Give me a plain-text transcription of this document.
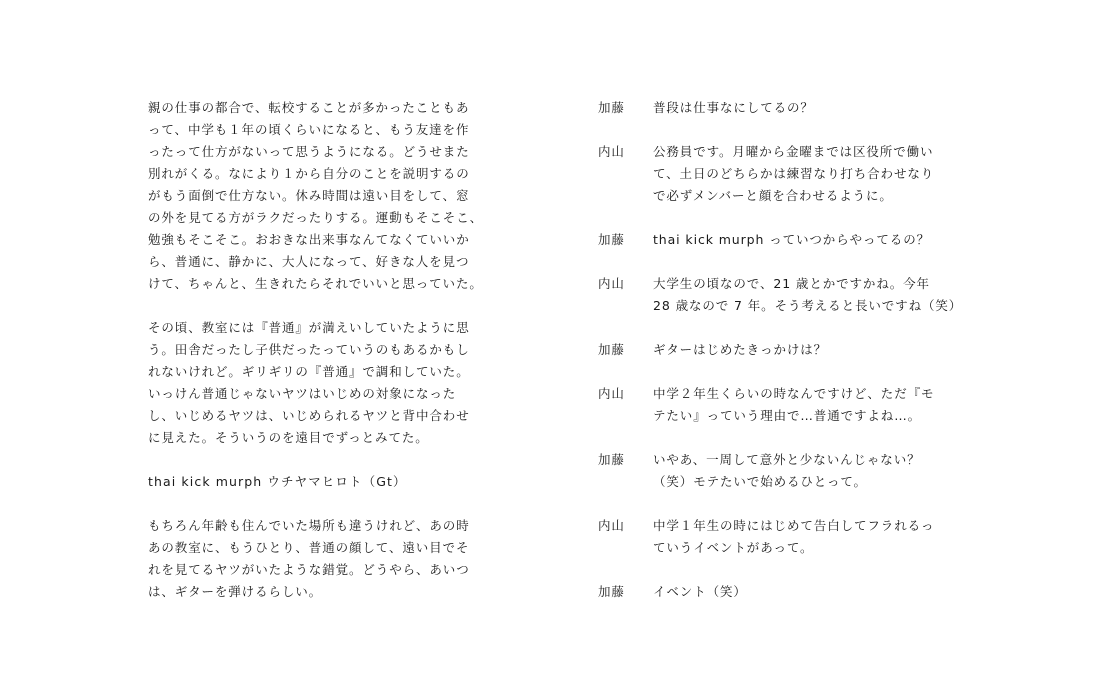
親の仕事の都合で、転校することが多かったこともあ
って、中学も１年の頃くらいになると、もう友達を作
ったって仕方がないって思うようになる。どうせまた
別れがくる。なにより１から自分のことを説明するの
がもう面倒で仕方ない。休み時間は遠い目をして、窓
の外を見てる方がラクだったりする。運動もそこそこ、
勉強もそこそこ。おおきな出来事なんてなくていいか
ら、普通に、静かに、大人になって、好きな人を見つ
けて、ちゃんと、生きれたらそれでいいと思っていた。
その頃、教室には『普通』が満えいしていたように思
う。田舎だったし子供だったっていうのもあるかもし
れないけれど。ギリギリの『普通』で調和していた。
いっけん普通じゃないヤツはいじめの対象になった
し、いじめるヤツは、いじめられるヤツと背中合わせ
に見えた。そういうのを遠目でずっとみてた。
thai kick murph ウチヤマヒロト（Gt）
もちろん年齢も住んでいた場所も違うけれど、あの時
あの教室に、もうひとり、普通の顔して、遠い目でそ
れを見てるヤツがいたような錯覚。どうやら、あいつ
は、ギターを弾けるらしい。
加藤	普段は仕事なにしてるの？
内山	公務員です。月曜から金曜までは区役所で働い
て、土日のどちらかは練習なり打ち合わせなり
で必ずメンバーと顔を合わせるように。
加藤	thai kick murph っていつからやってるの？
内山	大学生の頃なので、21 歳とかですかね。今年
28 歳なので 7 年。そう考えると長いですね（笑）
加藤	ギターはじめたきっかけは？
内山	中学２年生くらいの時なんですけど、ただ『モ
テたい』っていう理由で…普通ですよね…。
加藤	いやあ、一周して意外と少ないんじゃない？
（笑）モテたいで始めるひとって。
内山	中学１年生の時にはじめて告白してフラれるっ
ていうイベントがあって。
加藤	イベント（笑）
